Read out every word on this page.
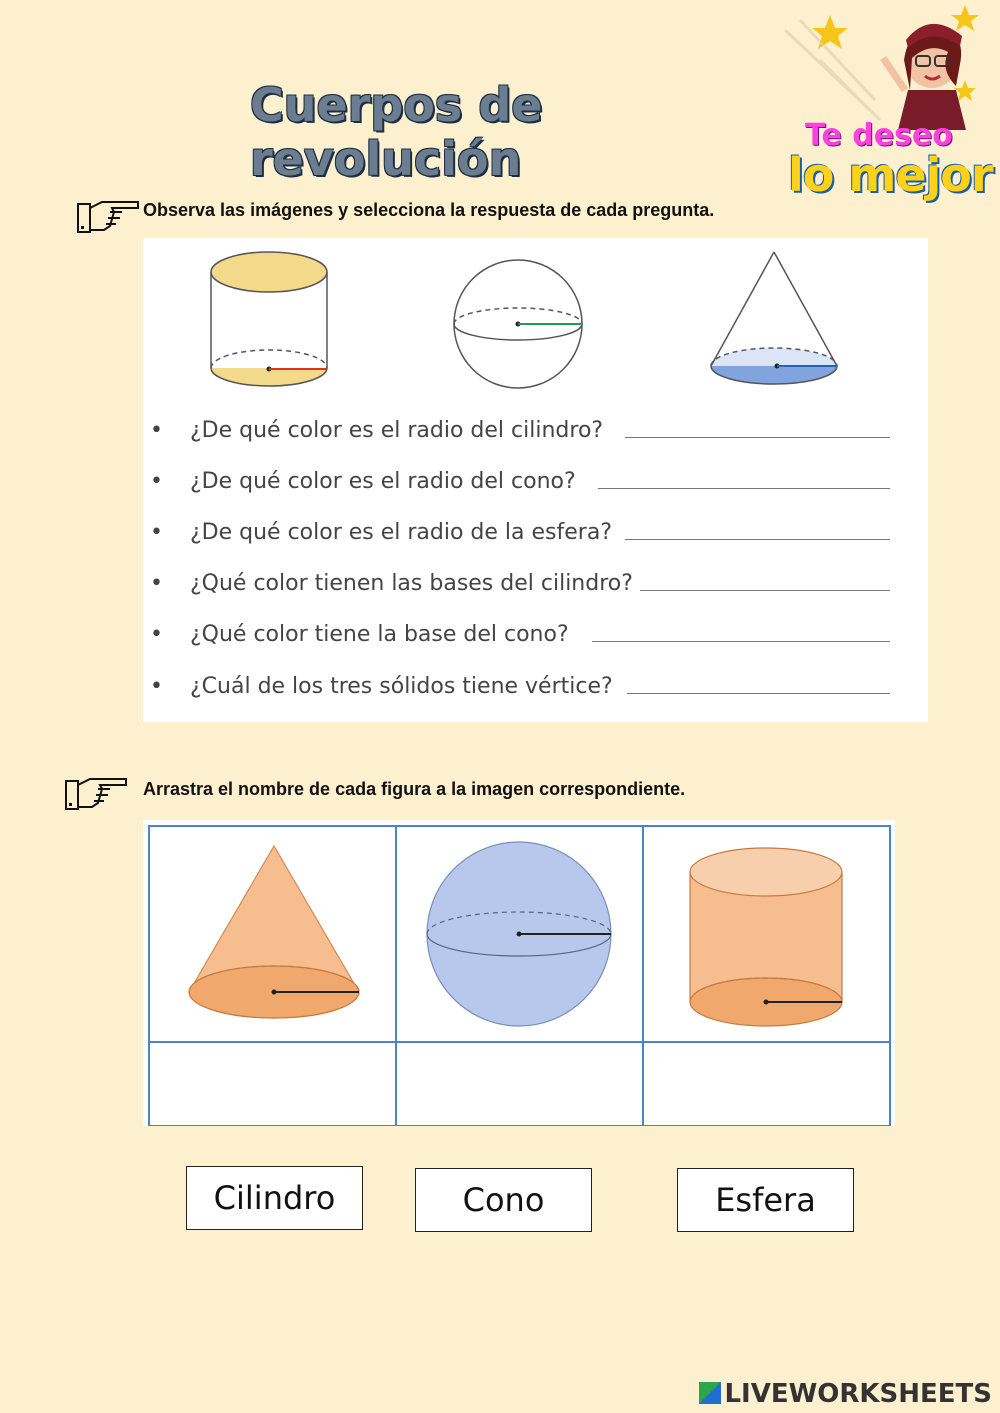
Cuerpos de revolución	Te deseo
lo mejor
Observa las imágenes y selecciona la respuesta de cada pregunta.
• ¿De qué color es el radio del cilindro?
• ¿De qué color es el radio del cono?
• ¿De qué color es el radio de la esfera?
• ¿Qué color tienen las bases del cilindro?
• ¿Qué color tiene la base del cono?
• ¿Cuál de los tres sólidos tiene vértice?
Arrastra el nombre de cada figura a la imagen correspondiente.
Cilindro	Cono	Esfera
LIVEWORKSHEETS
